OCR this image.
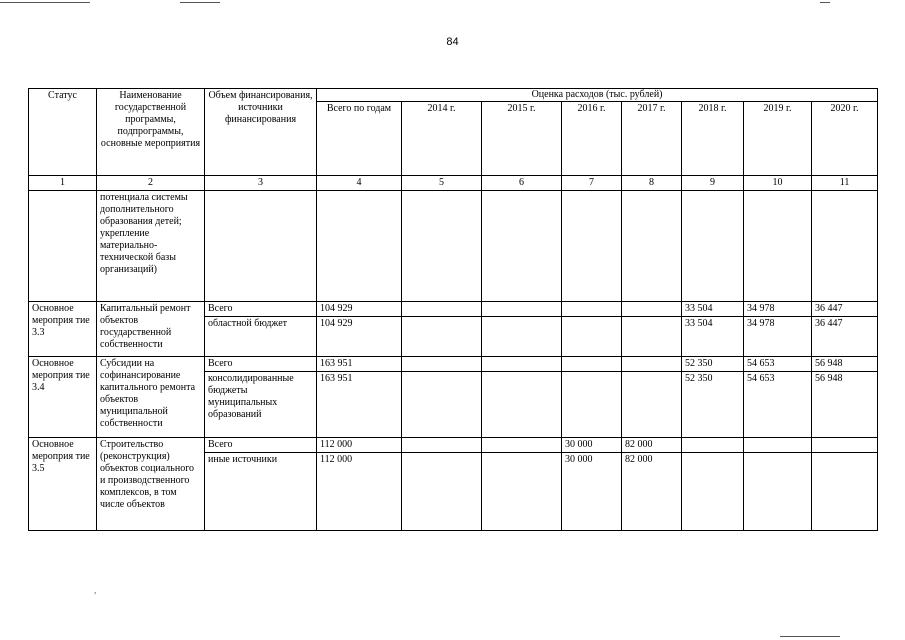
84
Статус	Наименование государственной программы, подпрограммы, основные мероприятия	Объем финансирования, источники финансирования	Оценка расходов (тыс. рублей)							
			Всего по годам	2014 г.	2015 г.	2016 г.	2017 г.	2018 г.	2019 г.	2020 г.
1	2	3	4	5	6	7	8	9	10	11
	потенциала системы дополнительного образования детей; укрепление материально-технической базы организаций)									
Основное мероприя тие 3.3	Капитальный ремонт объектов государственной собственности	Всего	104 929					33 504	34 978	36 447
		областной бюджет	104 929					33 504	34 978	36 447
Основное мероприя тие 3.4	Субсидии на софинансирование капитального ремонта объектов муниципальной собственности	Всего	163 951					52 350	54 653	56 948
		консолидированные бюджеты муниципальных образований	163 951					52 350	54 653	56 948
Основное мероприя тие 3.5	Строительство (реконструкция) объектов социального и производственного комплексов, в том числе объектов	Всего	112 000			30 000	82 000			
		иные источники	112 000			30 000	82 000			
,
